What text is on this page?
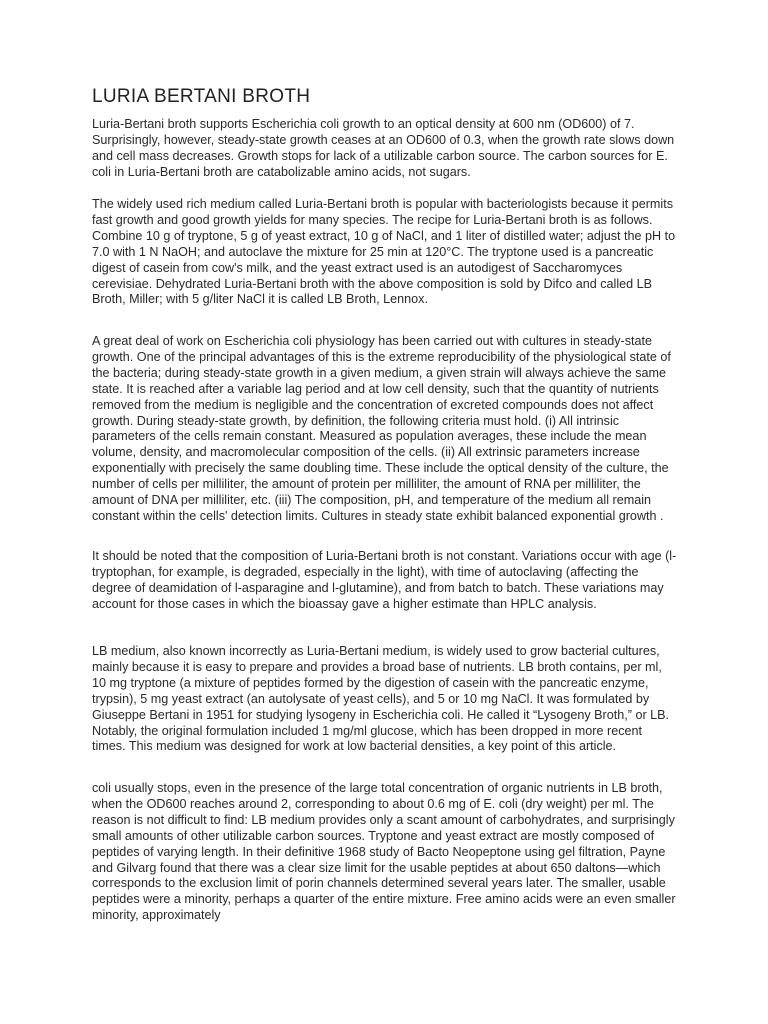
LURIA BERTANI BROTH

Luria-Bertani broth supports Escherichia coli growth to an optical density at 600 nm (OD600) of 7. Surprisingly, however, steady-state growth ceases at an OD600 of 0.3, when the growth rate slows down and cell mass decreases. Growth stops for lack of a utilizable carbon source. The carbon sources for E. coli in Luria-Bertani broth are catabolizable amino acids, not sugars.

The widely used rich medium called Luria-Bertani broth is popular with bacteriologists because it permits fast growth and good growth yields for many species. The recipe for Luria-Bertani broth is as follows. Combine 10 g of tryptone, 5 g of yeast extract, 10 g of NaCl, and 1 liter of distilled water; adjust the pH to 7.0 with 1 N NaOH; and autoclave the mixture for 25 min at 120°C. The tryptone used is a pancreatic digest of casein from cow's milk, and the yeast extract used is an autodigest of Saccharomyces cerevisiae. Dehydrated Luria-Bertani broth with the above composition is sold by Difco and called LB Broth, Miller; with 5 g/liter NaCl it is called LB Broth, Lennox.

A great deal of work on Escherichia coli physiology has been carried out with cultures in steady-state growth. One of the principal advantages of this is the extreme reproducibility of the physiological state of the bacteria; during steady-state growth in a given medium, a given strain will always achieve the same state. It is reached after a variable lag period and at low cell density, such that the quantity of nutrients removed from the medium is negligible and the concentration of excreted compounds does not affect growth. During steady-state growth, by definition, the following criteria must hold. (i) All intrinsic parameters of the cells remain constant. Measured as population averages, these include the mean volume, density, and macromolecular composition of the cells. (ii) All extrinsic parameters increase exponentially with precisely the same doubling time. These include the optical density of the culture, the number of cells per milliliter, the amount of protein per milliliter, the amount of RNA per milliliter, the amount of DNA per milliliter, etc. (iii) The composition, pH, and temperature of the medium all remain constant within the cells' detection limits. Cultures in steady state exhibit balanced exponential growth .

It should be noted that the composition of Luria-Bertani broth is not constant. Variations occur with age (l-tryptophan, for example, is degraded, especially in the light), with time of autoclaving (affecting the degree of deamidation of l-asparagine and l-glutamine), and from batch to batch. These variations may account for those cases in which the bioassay gave a higher estimate than HPLC analysis.

LB medium, also known incorrectly as Luria-Bertani medium, is widely used to grow bacterial cultures, mainly because it is easy to prepare and provides a broad base of nutrients. LB broth contains, per ml, 10 mg tryptone (a mixture of peptides formed by the digestion of casein with the pancreatic enzyme, trypsin), 5 mg yeast extract (an autolysate of yeast cells), and 5 or 10 mg NaCl. It was formulated by Giuseppe Bertani in 1951 for studying lysogeny in Escherichia coli. He called it “Lysogeny Broth,” or LB. Notably, the original formulation included 1 mg/ml glucose, which has been dropped in more recent times. This medium was designed for work at low bacterial densities, a key point of this article.

coli usually stops, even in the presence of the large total concentration of organic nutrients in LB broth, when the OD600 reaches around 2, corresponding to about 0.6 mg of E. coli (dry weight) per ml. The reason is not difficult to find: LB medium provides only a scant amount of carbohydrates, and surprisingly small amounts of other utilizable carbon sources. Tryptone and yeast extract are mostly composed of peptides of varying length. In their definitive 1968 study of Bacto Neopeptone using gel filtration, Payne and Gilvarg found that there was a clear size limit for the usable peptides at about 650 daltons—which corresponds to the exclusion limit of porin channels determined several years later. The smaller, usable peptides were a minority, perhaps a quarter of the entire mixture. Free amino acids were an even smaller minority, approximately
